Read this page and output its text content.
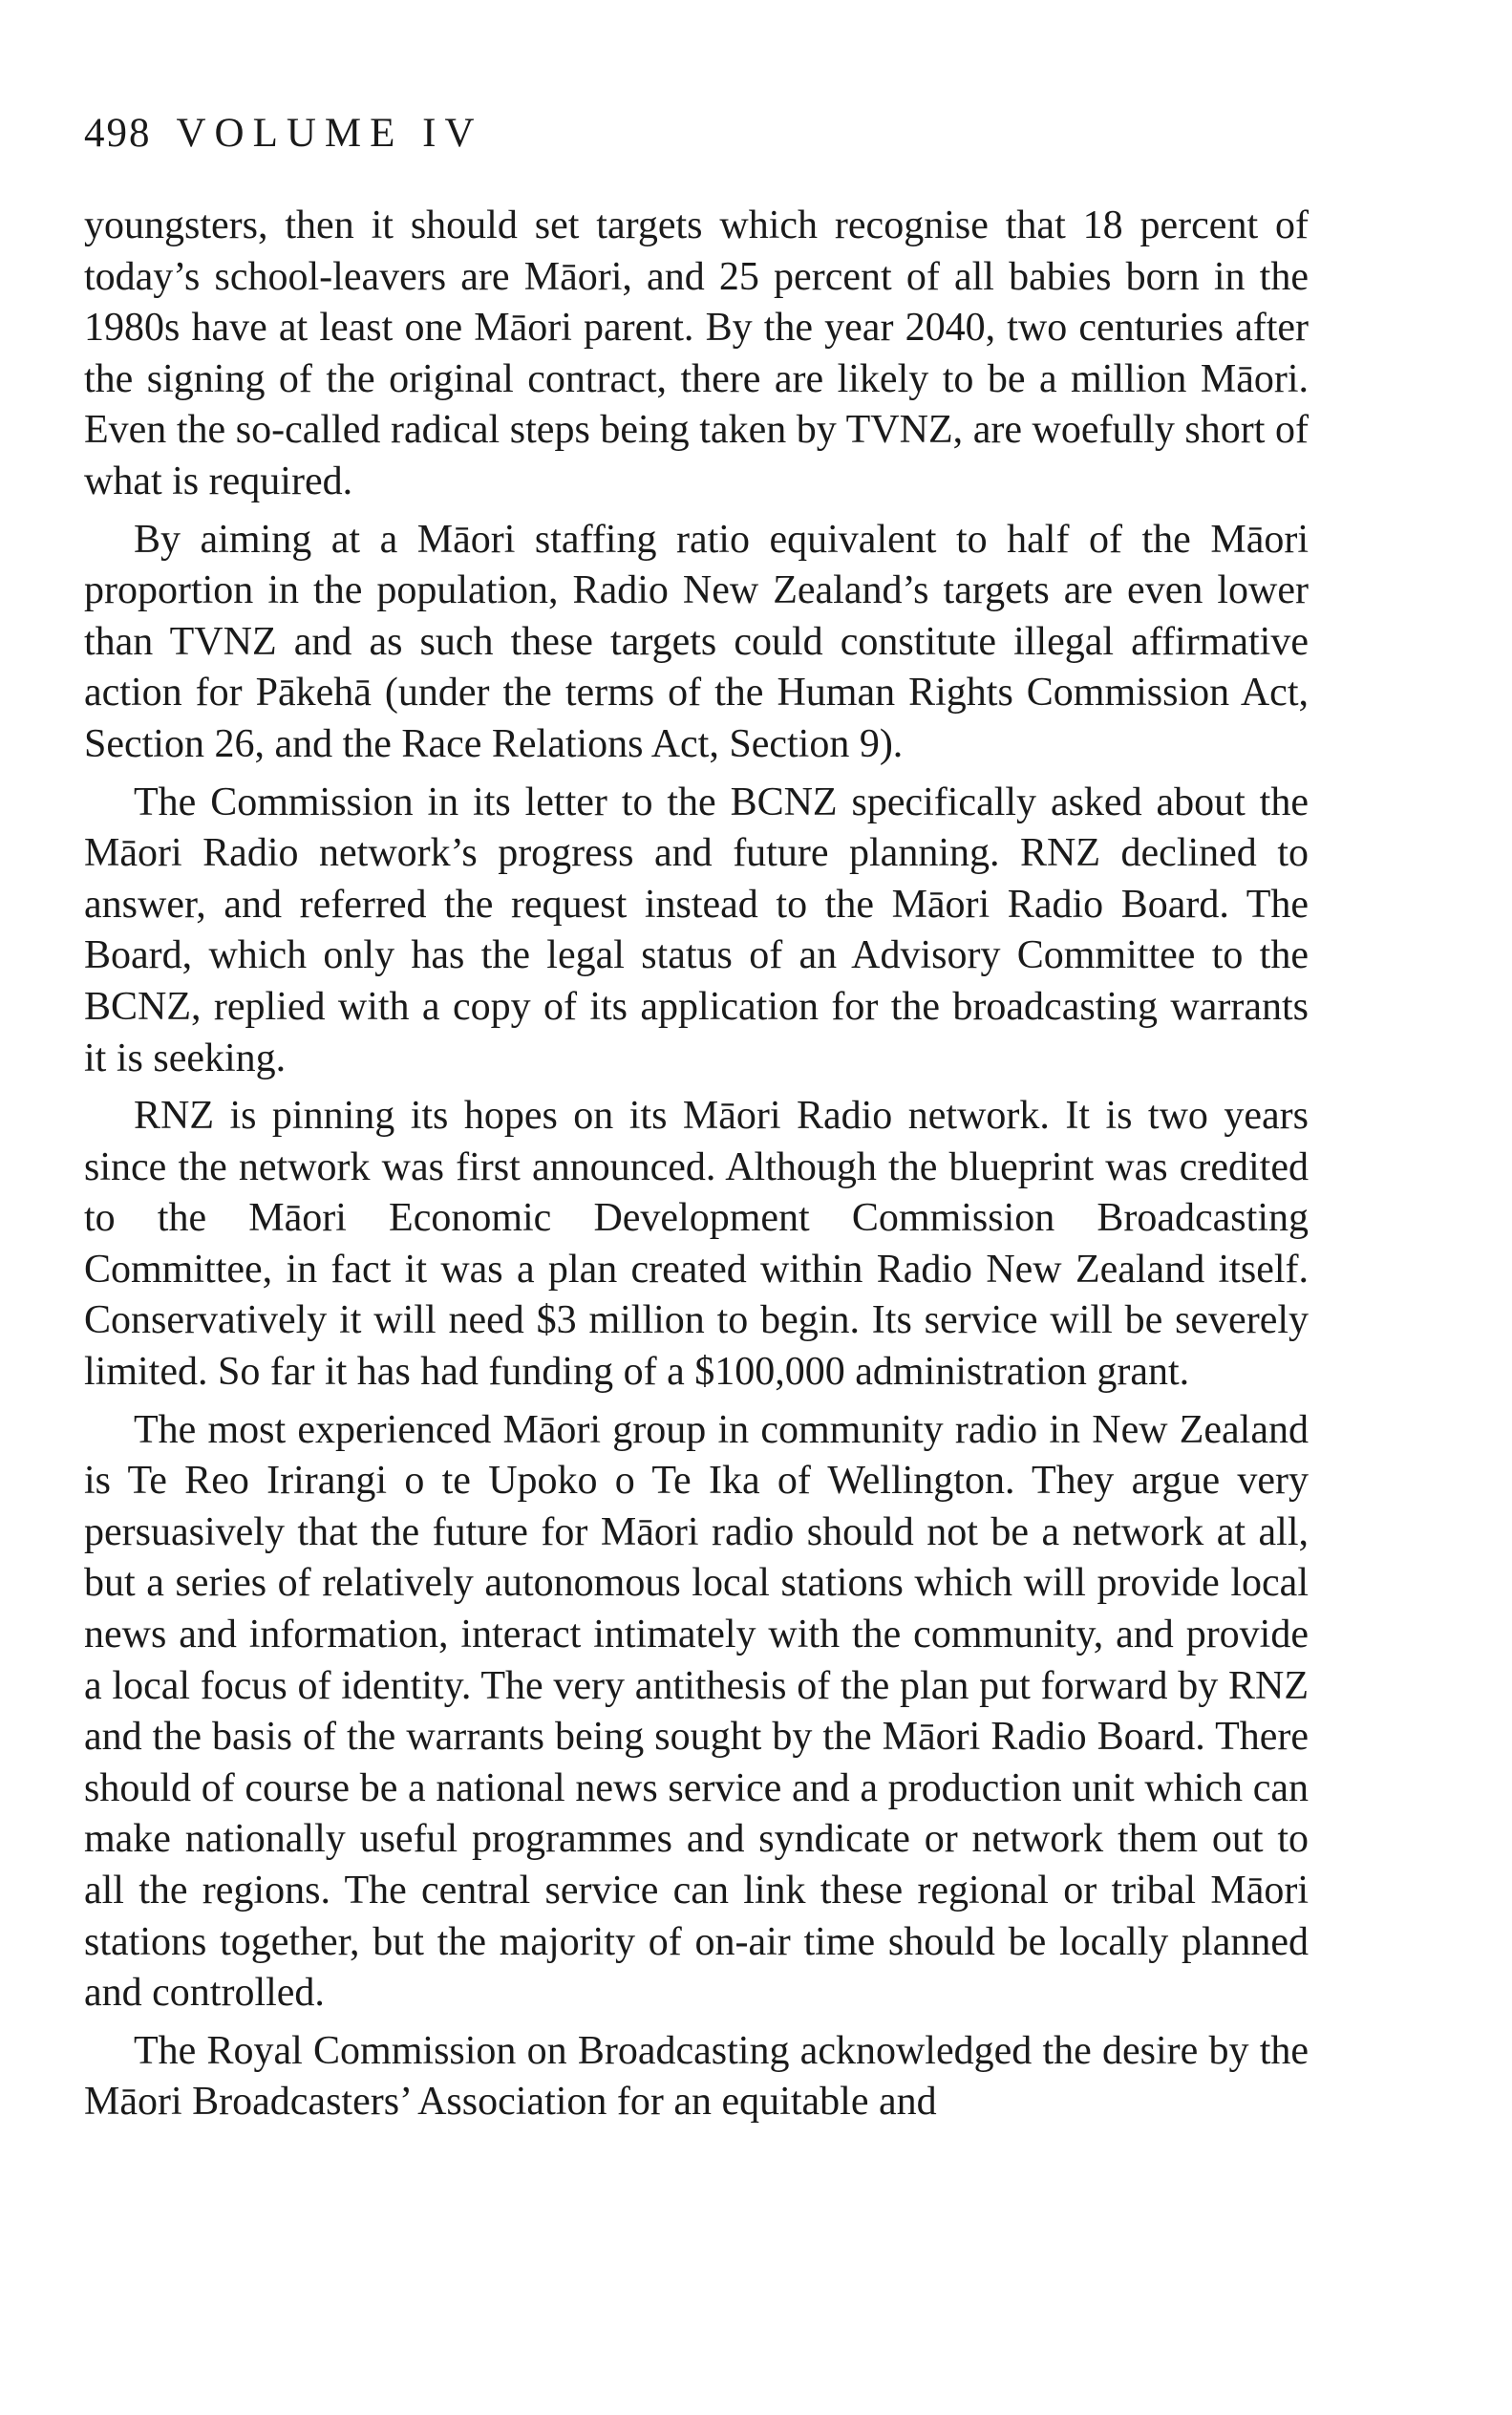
498 VOLUME IV

youngsters, then it should set targets which recognise that 18 percent of today’s school-leavers are Māori, and 25 percent of all babies born in the 1980s have at least one Māori parent. By the year 2040, two centuries after the signing of the original contract, there are likely to be a million Māori. Even the so-called radical steps being taken by TVNZ, are woefully short of what is required.

By aiming at a Māori staffing ratio equivalent to half of the Māori proportion in the population, Radio New Zealand’s targets are even lower than TVNZ and as such these targets could constitute illegal affirmative action for Pākehā (under the terms of the Human Rights Commission Act, Section 26, and the Race Relations Act, Section 9).

The Commission in its letter to the BCNZ specifically asked about the Māori Radio network’s progress and future planning. RNZ declined to answer, and referred the request instead to the Māori Radio Board. The Board, which only has the legal status of an Advisory Committee to the BCNZ, replied with a copy of its application for the broadcasting warrants it is seeking.

RNZ is pinning its hopes on its Māori Radio network. It is two years since the network was first announced. Although the blueprint was credited to the Māori Economic Development Commission Broadcasting Committee, in fact it was a plan created within Radio New Zealand itself. Conservatively it will need $3 million to begin. Its service will be severely limited. So far it has had funding of a $100,000 administration grant.

The most experienced Māori group in community radio in New Zealand is Te Reo Irirangi o te Upoko o Te Ika of Wellington. They argue very persuasively that the future for Māori radio should not be a network at all, but a series of relatively autonomous local stations which will provide local news and information, interact intimately with the community, and provide a local focus of identity. The very antithesis of the plan put forward by RNZ and the basis of the warrants being sought by the Māori Radio Board. There should of course be a national news service and a production unit which can make nationally useful programmes and syndicate or network them out to all the regions. The central service can link these regional or tribal Māori stations together, but the majority of on-air time should be locally planned and controlled.

The Royal Commission on Broadcasting acknowledged the desire by the Māori Broadcasters’ Association for an equitable and
